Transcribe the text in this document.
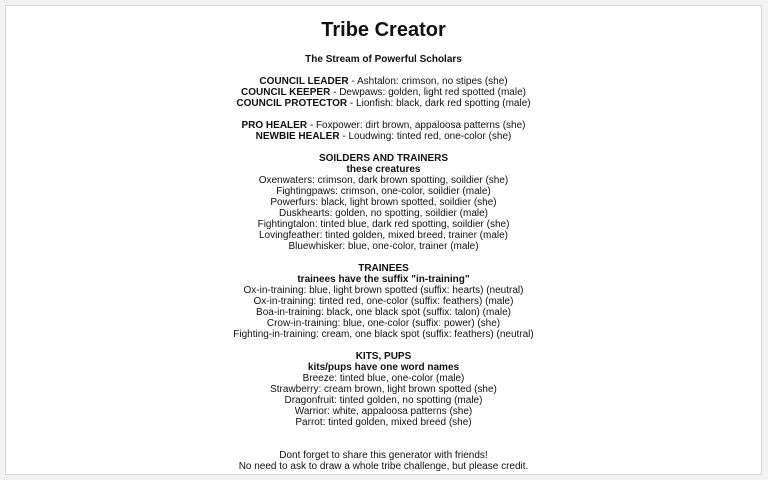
Tribe Creator
The Stream of Powerful Scholars
COUNCIL LEADER - Ashtalon: crimson, no stipes (she)
COUNCIL KEEPER - Dewpaws: golden, light red spotted (male)
COUNCIL PROTECTOR - Lionfish: black, dark red spotting (male)
PRO HEALER - Foxpower: dirt brown, appaloosa patterns (she)
NEWBIE HEALER - Loudwing: tinted red, one-color (she)
SOILDERS AND TRAINERS
these creatures
Oxenwaters: crimson, dark brown spotting, soildier (she)
Fightingpaws: crimson, one-color, soildier (male)
Powerfurs: black, light brown spotted, soildier (she)
Duskhearts: golden, no spotting, soildier (male)
Fightingtalon: tinted blue, dark red spotting, soildier (she)
Lovingfeather: tinted golden, mixed breed, trainer (male)
Bluewhisker: blue, one-color, trainer (male)
TRAINEES
trainees have the suffix "in-training"
Ox-in-training: blue, light brown spotted (suffix: hearts) (neutral)
Ox-in-training: tinted red, one-color (suffix: feathers) (male)
Boa-in-training: black, one black spot (suffix: talon) (male)
Crow-in-training: blue, one-color (suffix: power) (she)
Fighting-in-training: cream, one black spot (suffix: feathers) (neutral)
KITS, PUPS
kits/pups have one word names
Breeze: tinted blue, one-color (male)
Strawberry: cream brown, light brown spotted (she)
Dragonfruit: tinted golden, no spotting (male)
Warrior: white, appaloosa patterns (she)
Parrot: tinted golden, mixed breed (she)
Dont forget to share this generator with friends!
No need to ask to draw a whole tribe challenge, but please credit.
